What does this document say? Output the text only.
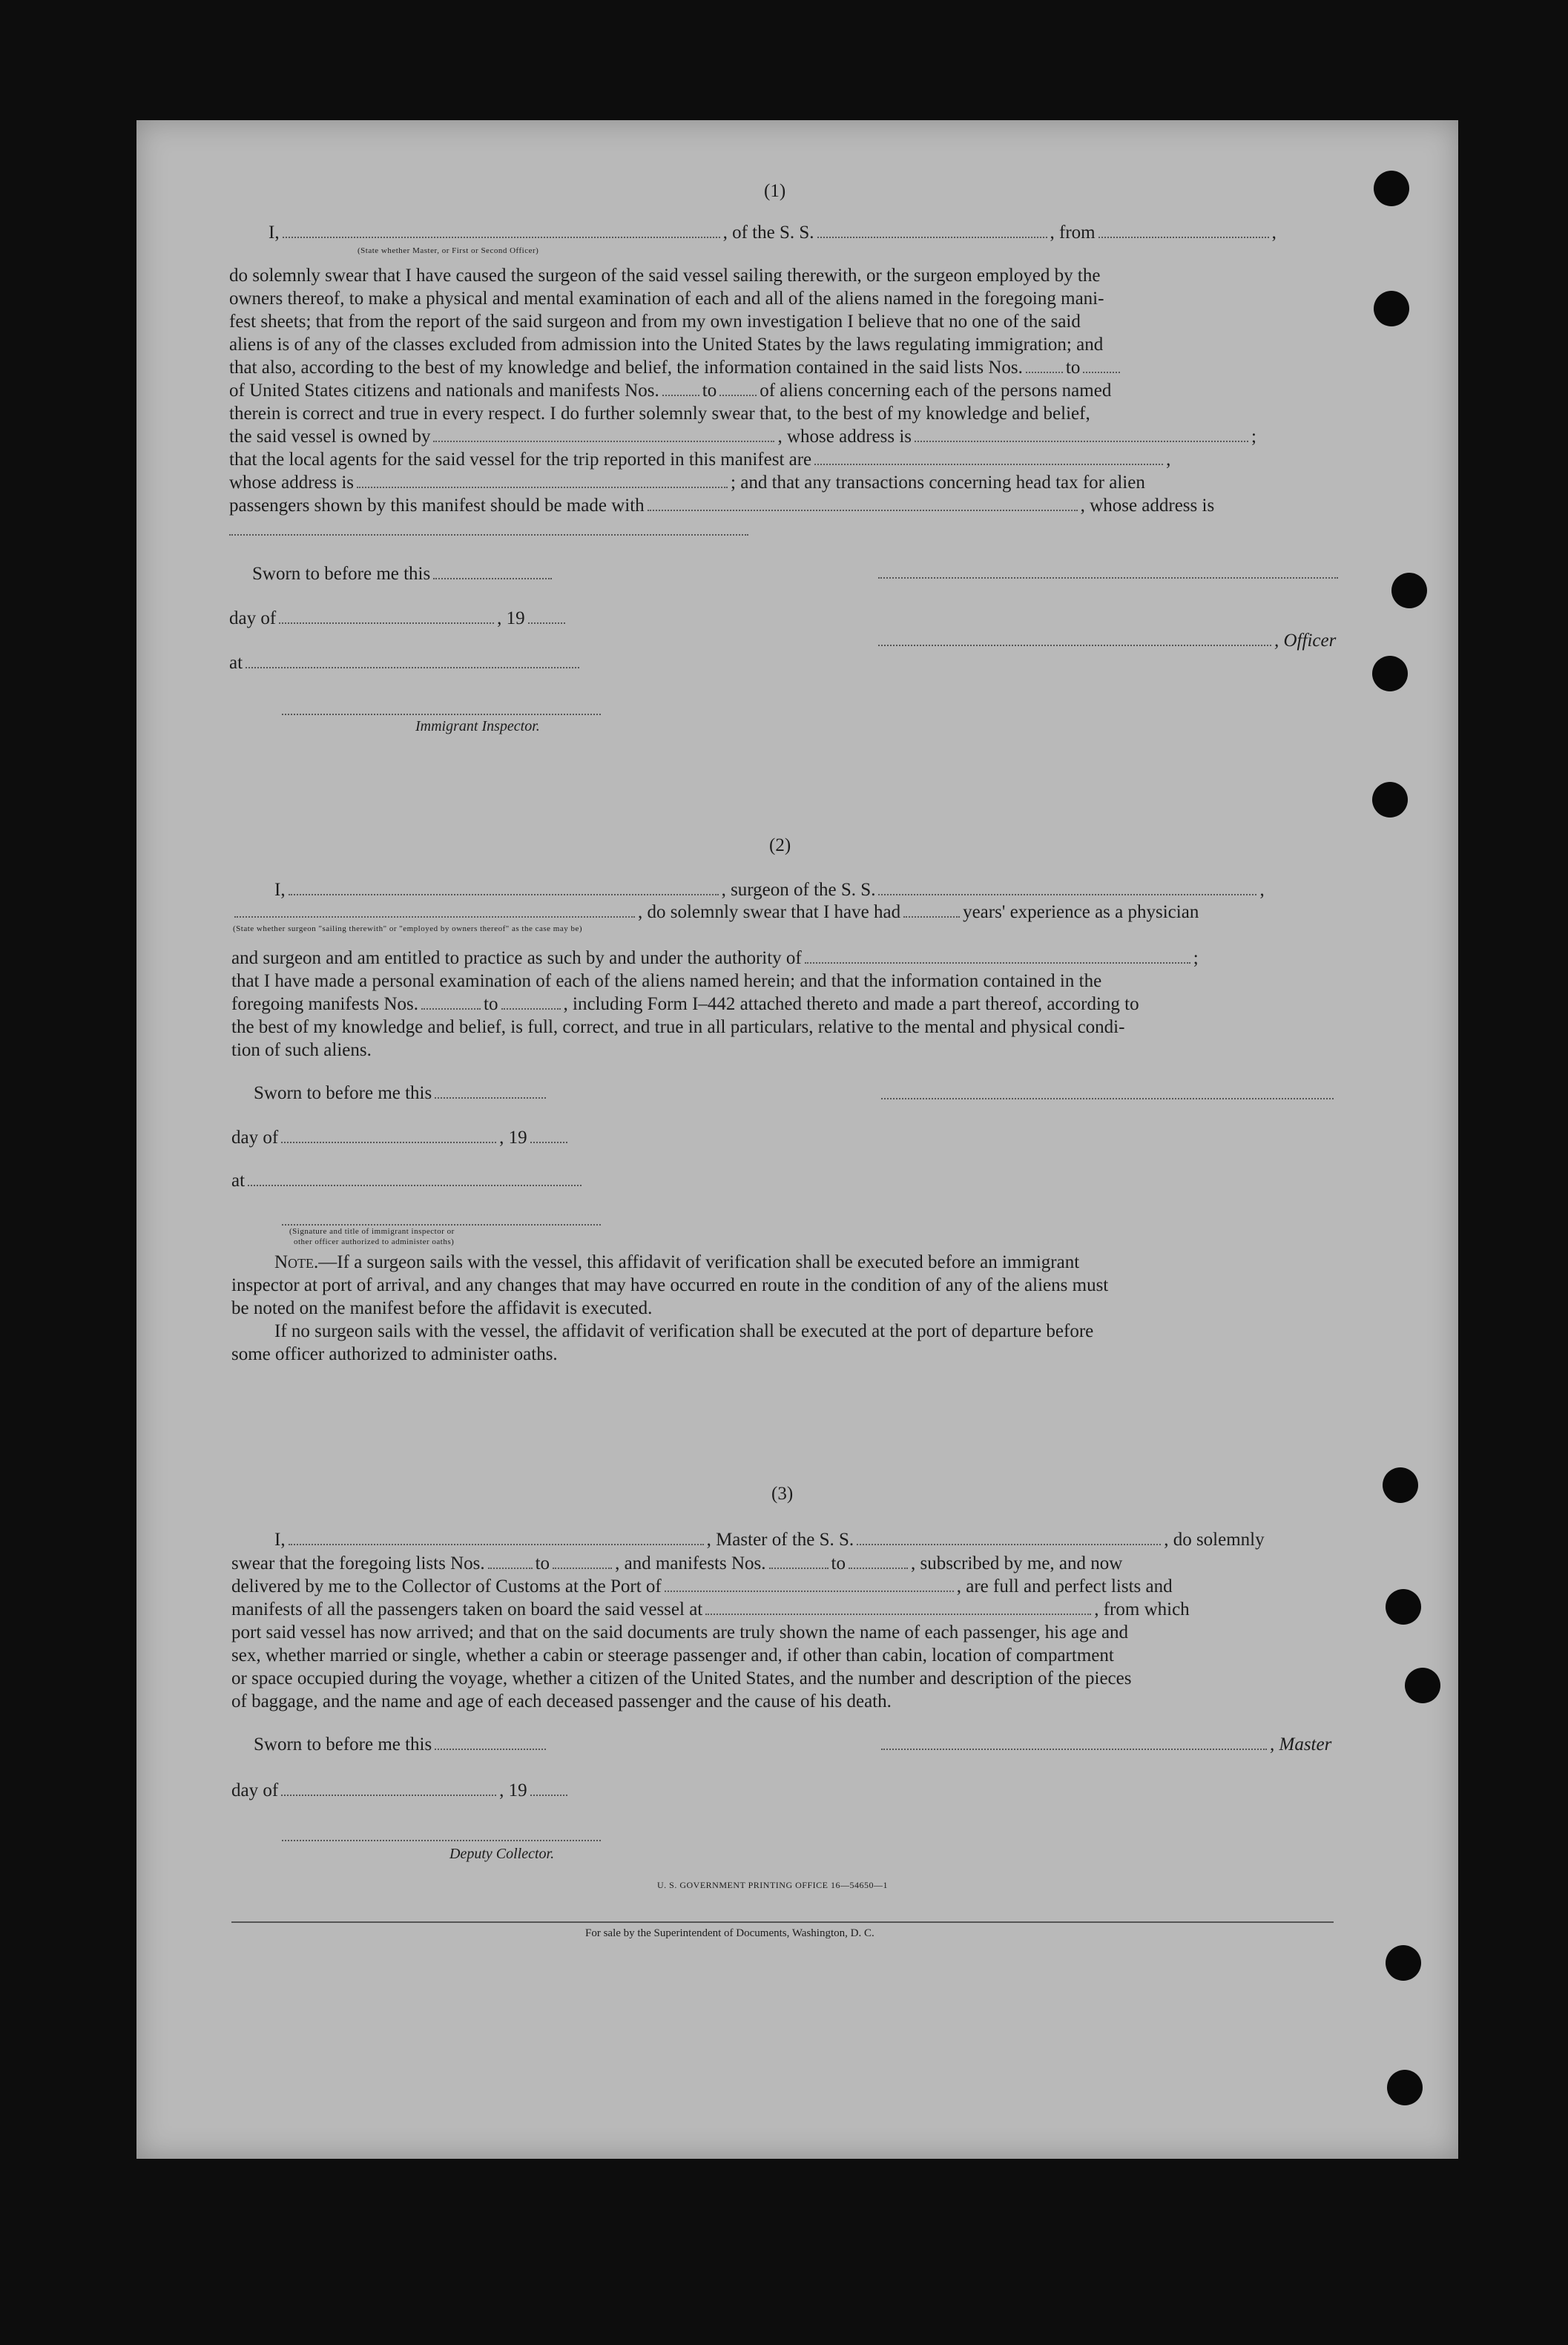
(1)
I,	, of the S. S.	, from	,
(State whether Master, or First or Second Officer)

do solemnly swear that I have caused the surgeon of the said vessel sailing therewith, or the surgeon employed by the

owners thereof, to make a physical and mental examination of each and all of the aliens named in the foregoing mani-

fest sheets; that from the report of the said surgeon and from my own investigation I believe that no one of the said

aliens is of any of the classes excluded from admission into the United States by the laws regulating immigration; and

that also, according to the best of my knowledge and belief, the information contained in the said lists Nos. to

of United States citizens and nationals and manifests Nos. to of aliens concerning each of the persons named

therein is correct and true in every respect. I do further solemnly swear that, to the best of my knowledge and belief,

the said vessel is owned by	, whose address is	;

that the local agents for the said vessel for the trip reported in this manifest are	,

whose address is	; and that any transactions concerning head tax for alien

passengers shown by this manifest should be made with	, whose address is

Sworn to before me this
day of	, 19
, Officer
at
Immigrant Inspector.
(2)
I,	, surgeon of the S. S.	,
, do solemnly swear that I have had	years' experience as a physician
(State whether surgeon "sailing therewith" or "employed by owners thereof" as the case may be)

and surgeon and am entitled to practice as such by and under the authority of	;

that I have made a personal examination of each of the aliens named herein; and that the information contained in the

foregoing manifests Nos.	to	, including Form I–442 attached thereto and made a part thereof, according to

the best of my knowledge and belief, is full, correct, and true in all particulars, relative to the mental and physical condi-

tion of such aliens.

Sworn to before me this
day of	, 19
at
(Signature and title of immigrant inspector or
other officer authorized to administer oaths)

Note.—If a surgeon sails with the vessel, this affidavit of verification shall be executed before an immigrant

inspector at port of arrival, and any changes that may have occurred en route in the condition of any of the aliens must

be noted on the manifest before the affidavit is executed.

If no surgeon sails with the vessel, the affidavit of verification shall be executed at the port of departure before

some officer authorized to administer oaths.

(3)
I,	, Master of the S. S.	, do solemnly

swear that the foregoing lists Nos.	to	, and manifests Nos.	to	, subscribed by me, and now

delivered by me to the Collector of Customs at the Port of	, are full and perfect lists and

manifests of all the passengers taken on board the said vessel at	, from which

port said vessel has now arrived; and that on the said documents are truly shown the name of each passenger, his age and

sex, whether married or single, whether a cabin or steerage passenger and, if other than cabin, location of compartment

or space occupied during the voyage, whether a citizen of the United States, and the number and description of the pieces

of baggage, and the name and age of each deceased passenger and the cause of his death.

Sworn to before me this	, Master
day of	, 19
Deputy Collector.
U. S. GOVERNMENT PRINTING OFFICE 16—54650—1
For sale by the Superintendent of Documents, Washington, D. C.
